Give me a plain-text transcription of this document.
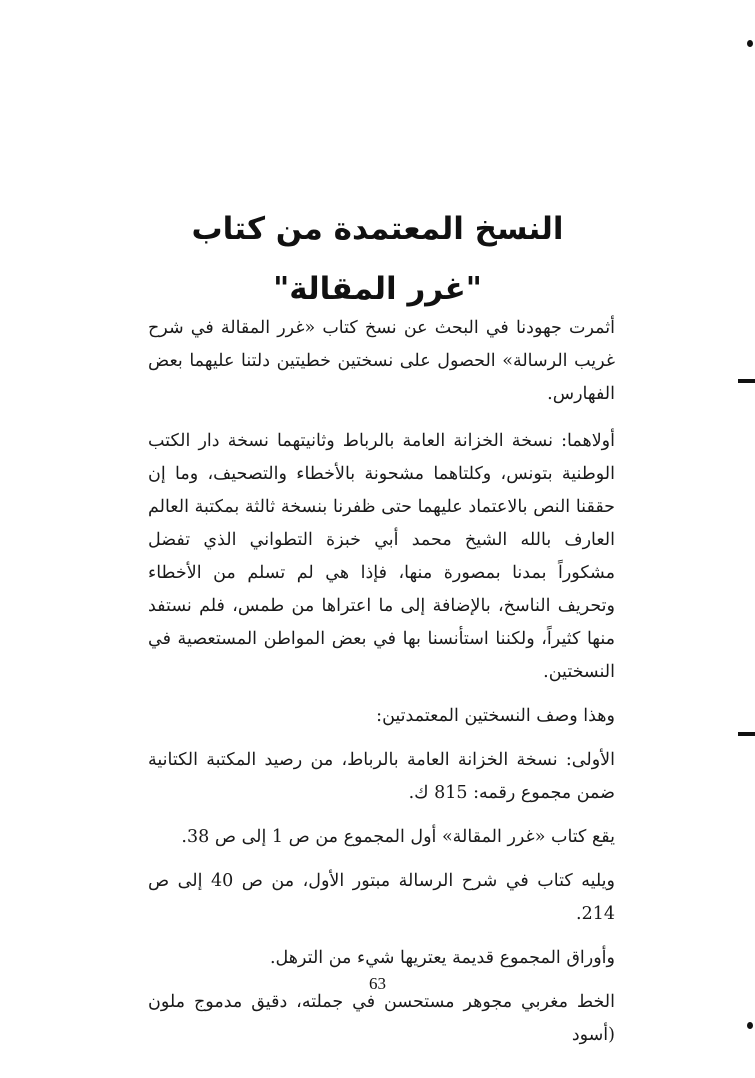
النسخ المعتمدة من كتاب "غرر المقالة"

أثمرت جهودنا في البحث عن نسخ كتاب «غرر المقالة في شرح غريب الرسالة» الحصول على نسختين خطيتين دلتنا عليهما بعض الفهارس.

أولاهما: نسخة الخزانة العامة بالرباط وثانيتهما نسخة دار الكتب الوطنية بتونس، وكلتاهما مشحونة بالأخطاء والتصحيف، وما إن حققنا النص بالاعتماد عليهما حتى ظفرنا بنسخة ثالثة بمكتبة العالم العارف بالله الشيخ محمد أبي خبزة التطواني الذي تفضل مشكوراً بمدنا بمصورة منها، فإذا هي لم تسلم من الأخطاء وتحريف الناسخ، بالإضافة إلى ما اعتراها من طمس، فلم نستفد منها كثيراً، ولكننا استأنسنا بها في بعض المواطن المستعصية في النسختين.

وهذا وصف النسختين المعتمدتين:

الأولى: نسخة الخزانة العامة بالرباط، من رصيد المكتبة الكتانية ضمن مجموع رقمه: 815 ك.

يقع كتاب «غرر المقالة» أول المجموع من ص 1 إلى ص 38.

ويليه كتاب في شرح الرسالة مبتور الأول، من ص 40 إلى ص 214.

وأوراق المجموع قديمة يعتريها شيء من الترهل.

الخط مغربي مجوهر مستحسن في جملته، دقيق مدموج ملون (أسود

63
